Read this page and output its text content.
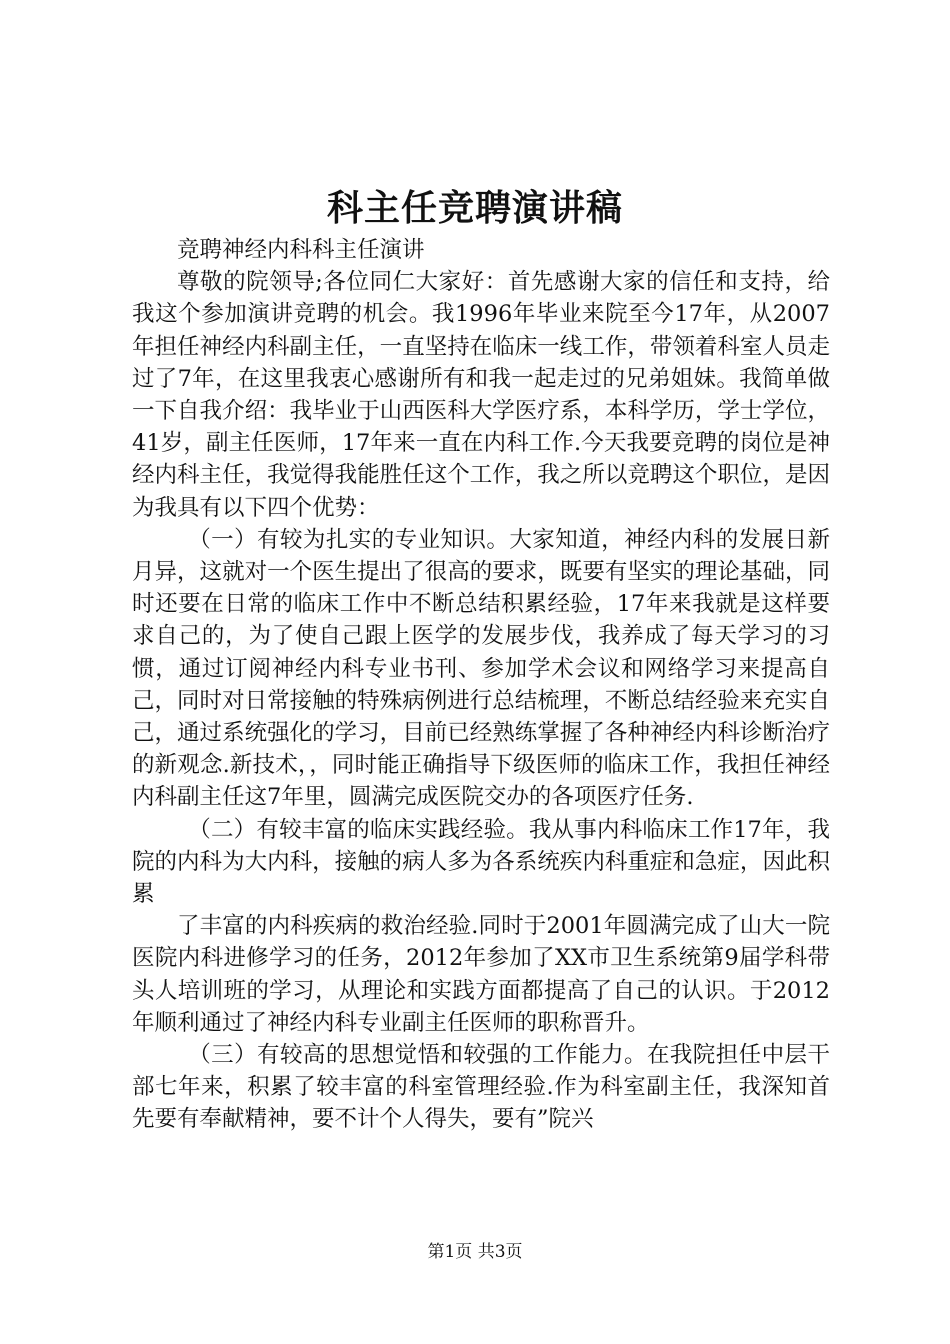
科主任竞聘演讲稿

竞聘神经内科科主任演讲

尊敬的院领导;各位同仁大家好：首先感谢大家的信任和支持，给我这个参加演讲竞聘的机会。我1996年毕业来院至今17年，从2007年担任神经内科副主任，一直坚持在临床一线工作，带领着科室人员走过了7年，在这里我衷心感谢所有和我一起走过的兄弟姐妹。我简单做一下自我介绍：我毕业于山西医科大学医疗系，本科学历，学士学位，41岁，副主任医师，17年来一直在内科工作.今天我要竞聘的岗位是神经内科主任，我觉得我能胜任这个工作，我之所以竞聘这个职位，是因为我具有以下四个优势：

（一）有较为扎实的专业知识。大家知道，神经内科的发展日新月异，这就对一个医生提出了很高的要求，既要有坚实的理论基础，同时还要在日常的临床工作中不断总结积累经验，17年来我就是这样要求自己的，为了使自己跟上医学的发展步伐，我养成了每天学习的习惯，通过订阅神经内科专业书刊、参加学术会议和网络学习来提高自己，同时对日常接触的特殊病例进行总结梳理，不断总结经验来充实自己，通过系统强化的学习，目前已经熟练掌握了各种神经内科诊断治疗的新观念.新技术，，同时能正确指导下级医师的临床工作，我担任神经内科副主任这7年里，圆满完成医院交办的各项医疗任务.

（二）有较丰富的临床实践经验。我从事内科临床工作17年，我院的内科为大内科，接触的病人多为各系统疾内科重症和急症，因此积累

了丰富的内科疾病的救治经验.同时于2001年圆满完成了山大一院医院内科进修学习的任务，2012年参加了XX市卫生系统第9届学科带头人培训班的学习，从理论和实践方面都提高了自己的认识。于2012年顺利通过了神经内科专业副主任医师的职称晋升。

（三）有较高的思想觉悟和较强的工作能力。在我院担任中层干部七年来，积累了较丰富的科室管理经验.作为科室副主任，我深知首先要有奉献精神，要不计个人得失，要有”院兴

第1页 共3页
